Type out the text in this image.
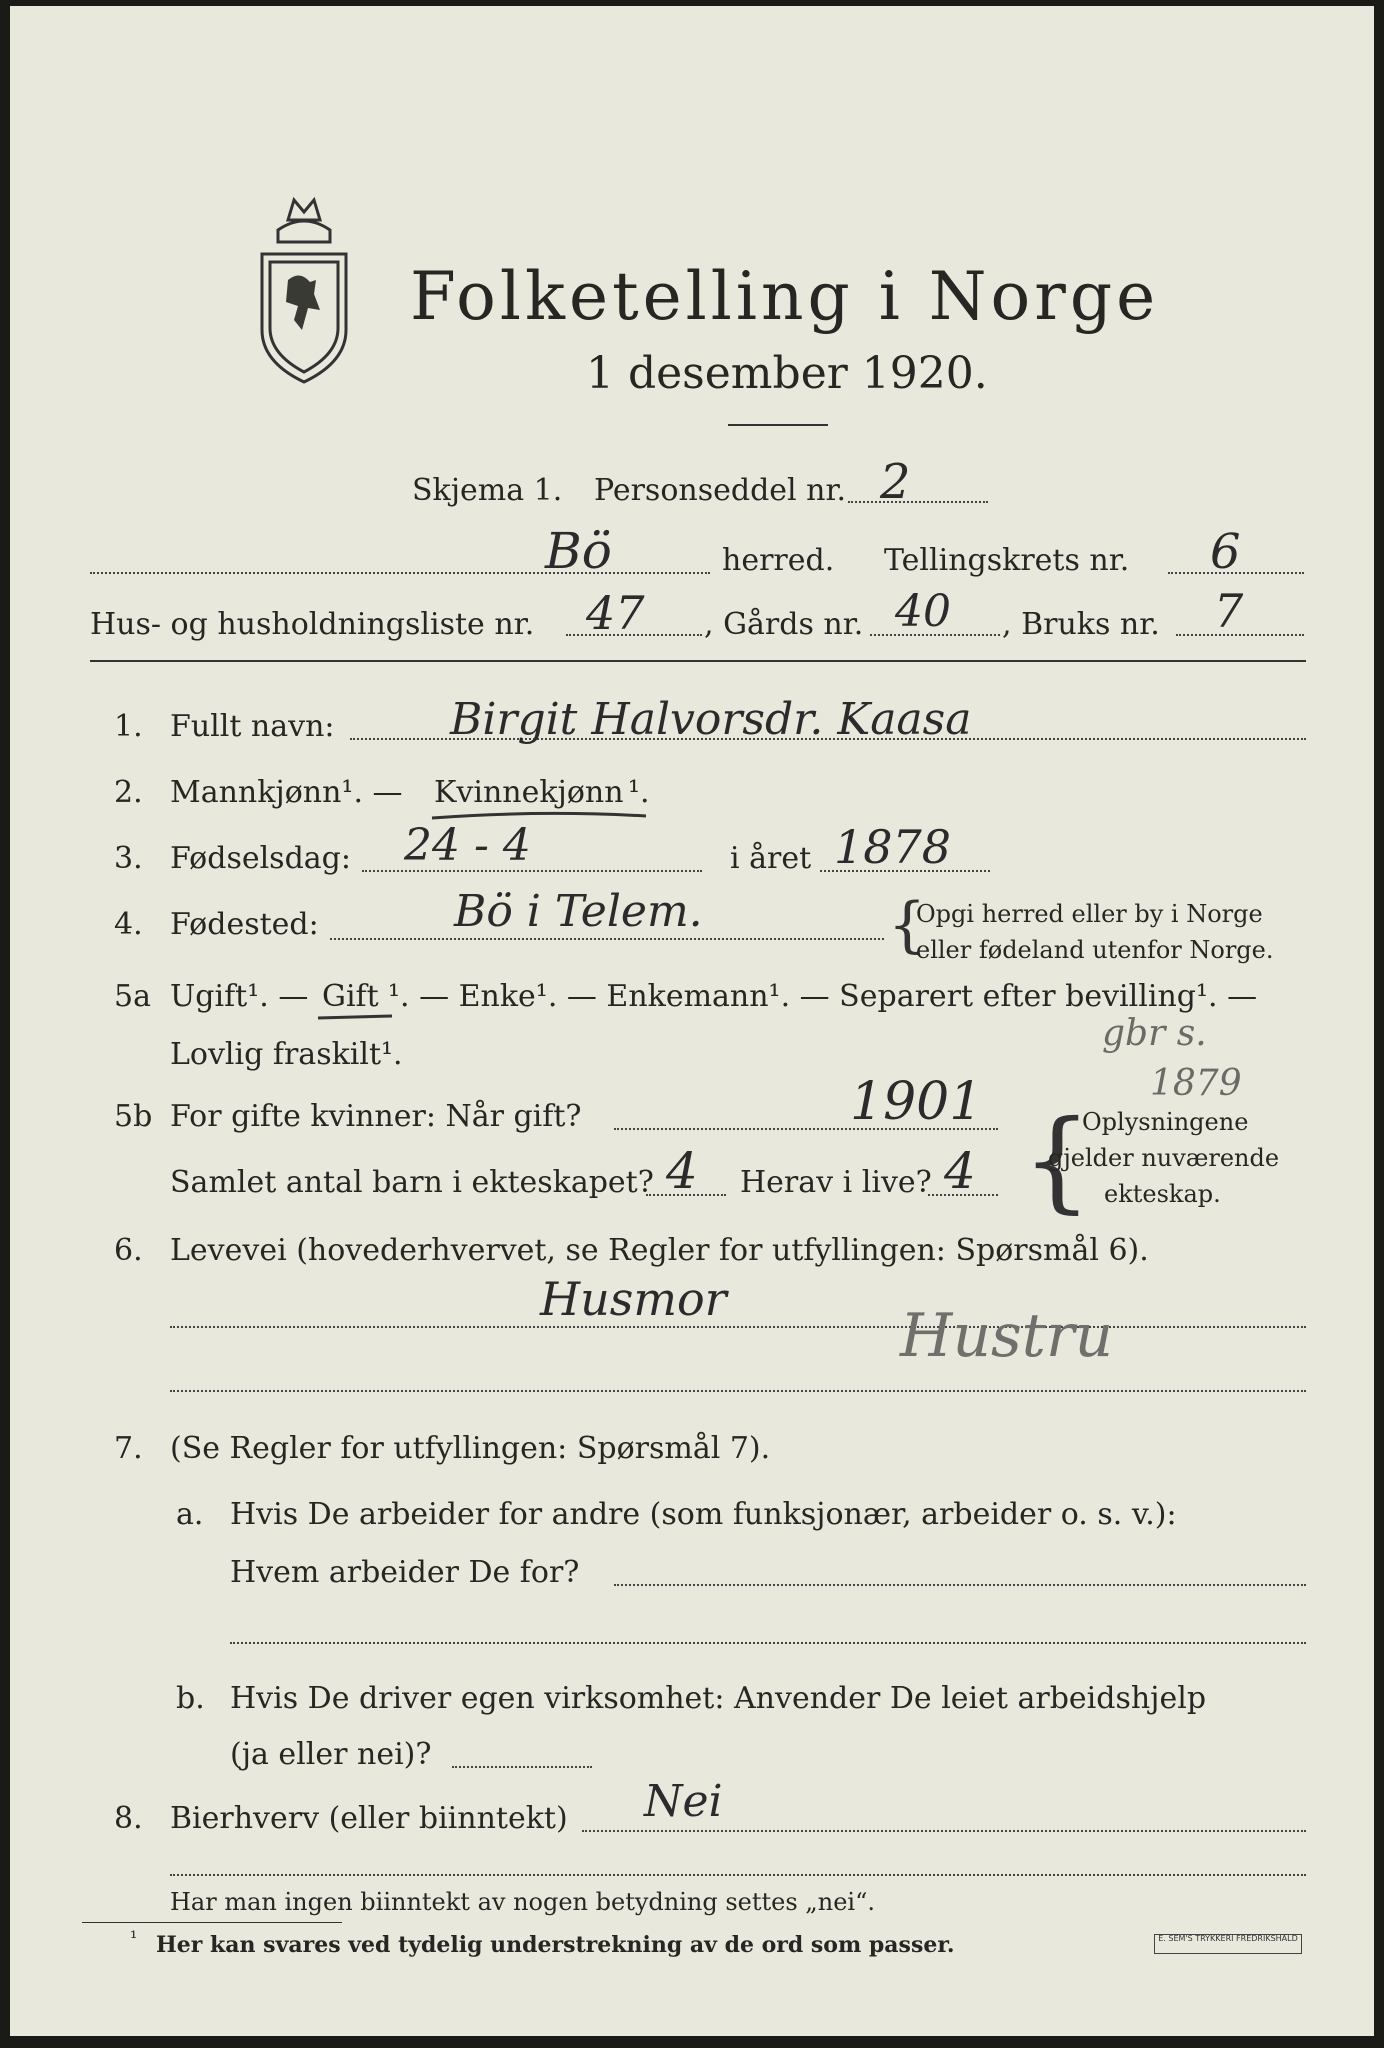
Folketelling i Norge
1 desember 1920.
Skjema 1. Personseddel nr. 2
Bö	herred. Tellingskrets nr. 6
Hus- og husholdningsliste nr. 47 , Gårds nr. 40 , Bruks nr. 7
1. Fullt navn:	Birgit Halvorsdr. Kaasa
2. Mannkjønn¹. — Kvinnekjønn ¹.
3. Fødselsdag: 24 - 4	i året 1878
4. Fødested:	Bö i Telem.	{
Opgi herred eller by i Norge
eller fødeland utenfor Norge.
5a Ugift¹. — Gift ¹. — Enke¹. — Enkemann¹. — Separert efter bevilling¹. —
Lovlig fraskilt¹.
gbr s.
1879
5b For gifte kvinner: Når gift?	1901
Samlet antal barn i ekteskapet? 4 Herav i live? 4 {
Oplysningene
gjelder nuværende
ekteskap.
6. Levevei (hovederhvervet, se Regler for utfyllingen: Spørsmål 6).
Husmor
Hustru
7. (Se Regler for utfyllingen: Spørsmål 7).
a. Hvis De arbeider for andre (som funksjonær, arbeider o. s. v.):
Hvem arbeider De for?
b. Hvis De driver egen virksomhet: Anvender De leiet arbeidshjelp
(ja eller nei)?
8. Bierhverv (eller biinntekt) Nei
Har man ingen biinntekt av nogen betydning settes „nei“.
¹ Her kan svares ved tydelig understrekning av de ord som passer.	E. SEM'S TRYKKERI FREDRIKSHALD
